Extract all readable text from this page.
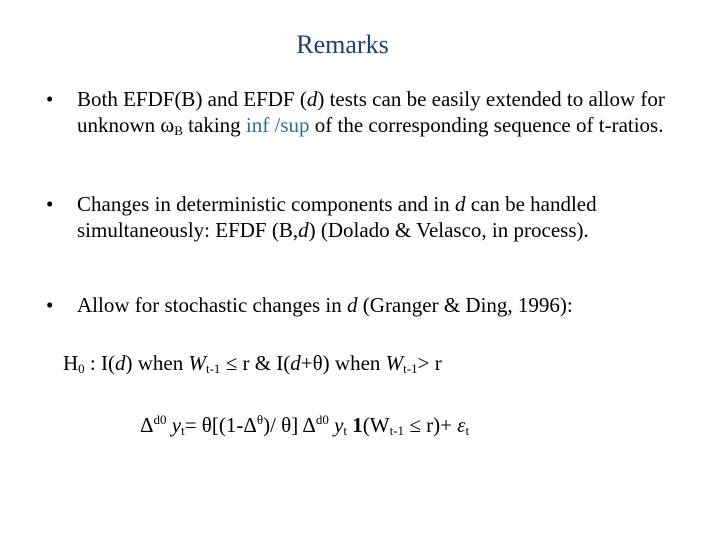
Remarks
• Both EFDF(B) and EFDF (d) tests can be easily extended to allow for unknown $\omega_B$ taking inf /sup of the corresponding sequence of t-ratios.
• Changes in deterministic components and in d can be handled simultaneously: EFDF (B,d) (Dolado & Velasco, in process).
• Allow for stochastic changes in d (Granger & Ding, 1996):
$H_0$ : I(d) when $W_{t-1} \le r$ & I(d+θ) when $W_{t-1}> r$
$\Delta^{d0}$ $y_t= \theta[(1-\Delta^\theta)/$ θ] $\Delta^{d0}$ $y_t$ $1(W_{t-1} \le r)+ \varepsilon_t$
